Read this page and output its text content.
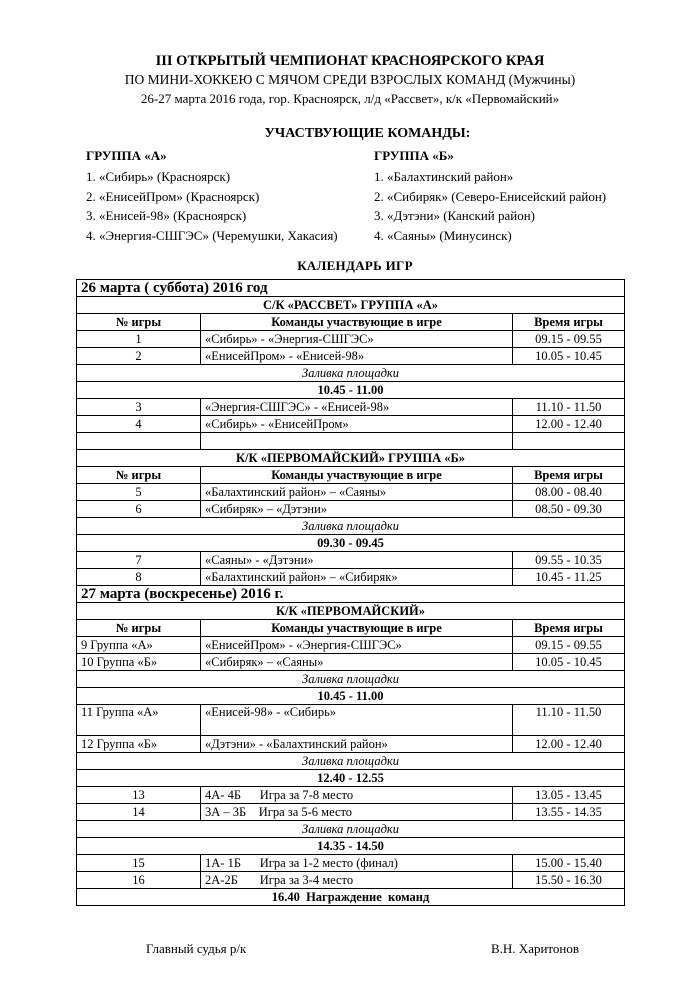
III ОТКРЫТЫЙ ЧЕМПИОНАТ КРАСНОЯРСКОГО КРАЯ
ПО МИНИ-ХОККЕЮ С МЯЧОМ СРЕДИ ВЗРОСЛЫХ КОМАНД (Мужчины)
26-27 марта 2016 года, гор. Красноярск, л/д «Рассвет», к/к «Первомайский»
УЧАСТВУЮЩИЕ КОМАНДЫ:
ГРУППА «А»
1. «Сибирь» (Красноярск)
2. «ЕнисейПром» (Красноярск)
3. «Енисей-98» (Красноярск)
4. «Энергия-СШГЭС» (Черемушки, Хакасия)
ГРУППА «Б»
1. «Балахтинский район»
2. «Сибиряк» (Северо-Енисейский район)
3. «Дэтэни» (Канский район)
4. «Саяны» (Минусинск)
КАЛЕНДАРЬ ИГР
26 марта ( суббота) 2016 год		
С/К «РАССВЕТ» ГРУППА «А»		
№ игры	Команды участвующие в игре	Время игры
1	«Сибирь» - «Энергия-СШГЭС»	09.15 - 09.55
2	«ЕнисейПром» - «Енисей-98»	10.05 - 10.45
Заливка площадки		
10.45 - 11.00		
3	«Энергия-СШГЭС» - «Енисей-98»	11.10 - 11.50
4	«Сибирь» - «ЕнисейПром»	12.00 - 12.40

К/К «ПЕРВОМАЙСКИЙ» ГРУППА «Б»		
№ игры	Команды участвующие в игре	Время игры
5	«Балахтинский район» – «Саяны»	08.00 - 08.40
6	«Сибиряк» – «Дэтэни»	08.50 - 09.30
Заливка площадки		
09.30 - 09.45		
7	«Саяны» - «Дэтэни»	09.55 - 10.35
8	«Балахтинский район» – «Сибиряк»	10.45 - 11.25
27 марта (воскресенье) 2016 г.		
К/К «ПЕРВОМАЙСКИЙ»		
№ игры	Команды участвующие в игре	Время игры
9 Группа «А»	«ЕнисейПром» - «Энергия-СШГЭС»	09.15 - 09.55
10 Группа «Б»	«Сибиряк» – «Саяны»	10.05 - 10.45
Заливка площадки		
10.45 - 11.00		
11 Группа «А»	«Енисей-98» - «Сибирь»	11.10 - 11.50
12 Группа «Б»	«Дэтэни» - «Балахтинский район»	12.00 - 12.40
Заливка площадки		
12.40 - 12.55		
13	4А- 4Б      Игра за 7-8 место	13.05 - 13.45
14	3А – 3Б    Игра за 5-6 место	13.55 - 14.35
Заливка площадки		
14.35 - 14.50		
15	1А- 1Б      Игра за 1-2 место (финал)	15.00 - 15.40
16	2А-2Б       Игра за 3-4 место	15.50 - 16.30
16.40  Награждение  команд		
Главный судья р/к	В.Н. Харитонов
